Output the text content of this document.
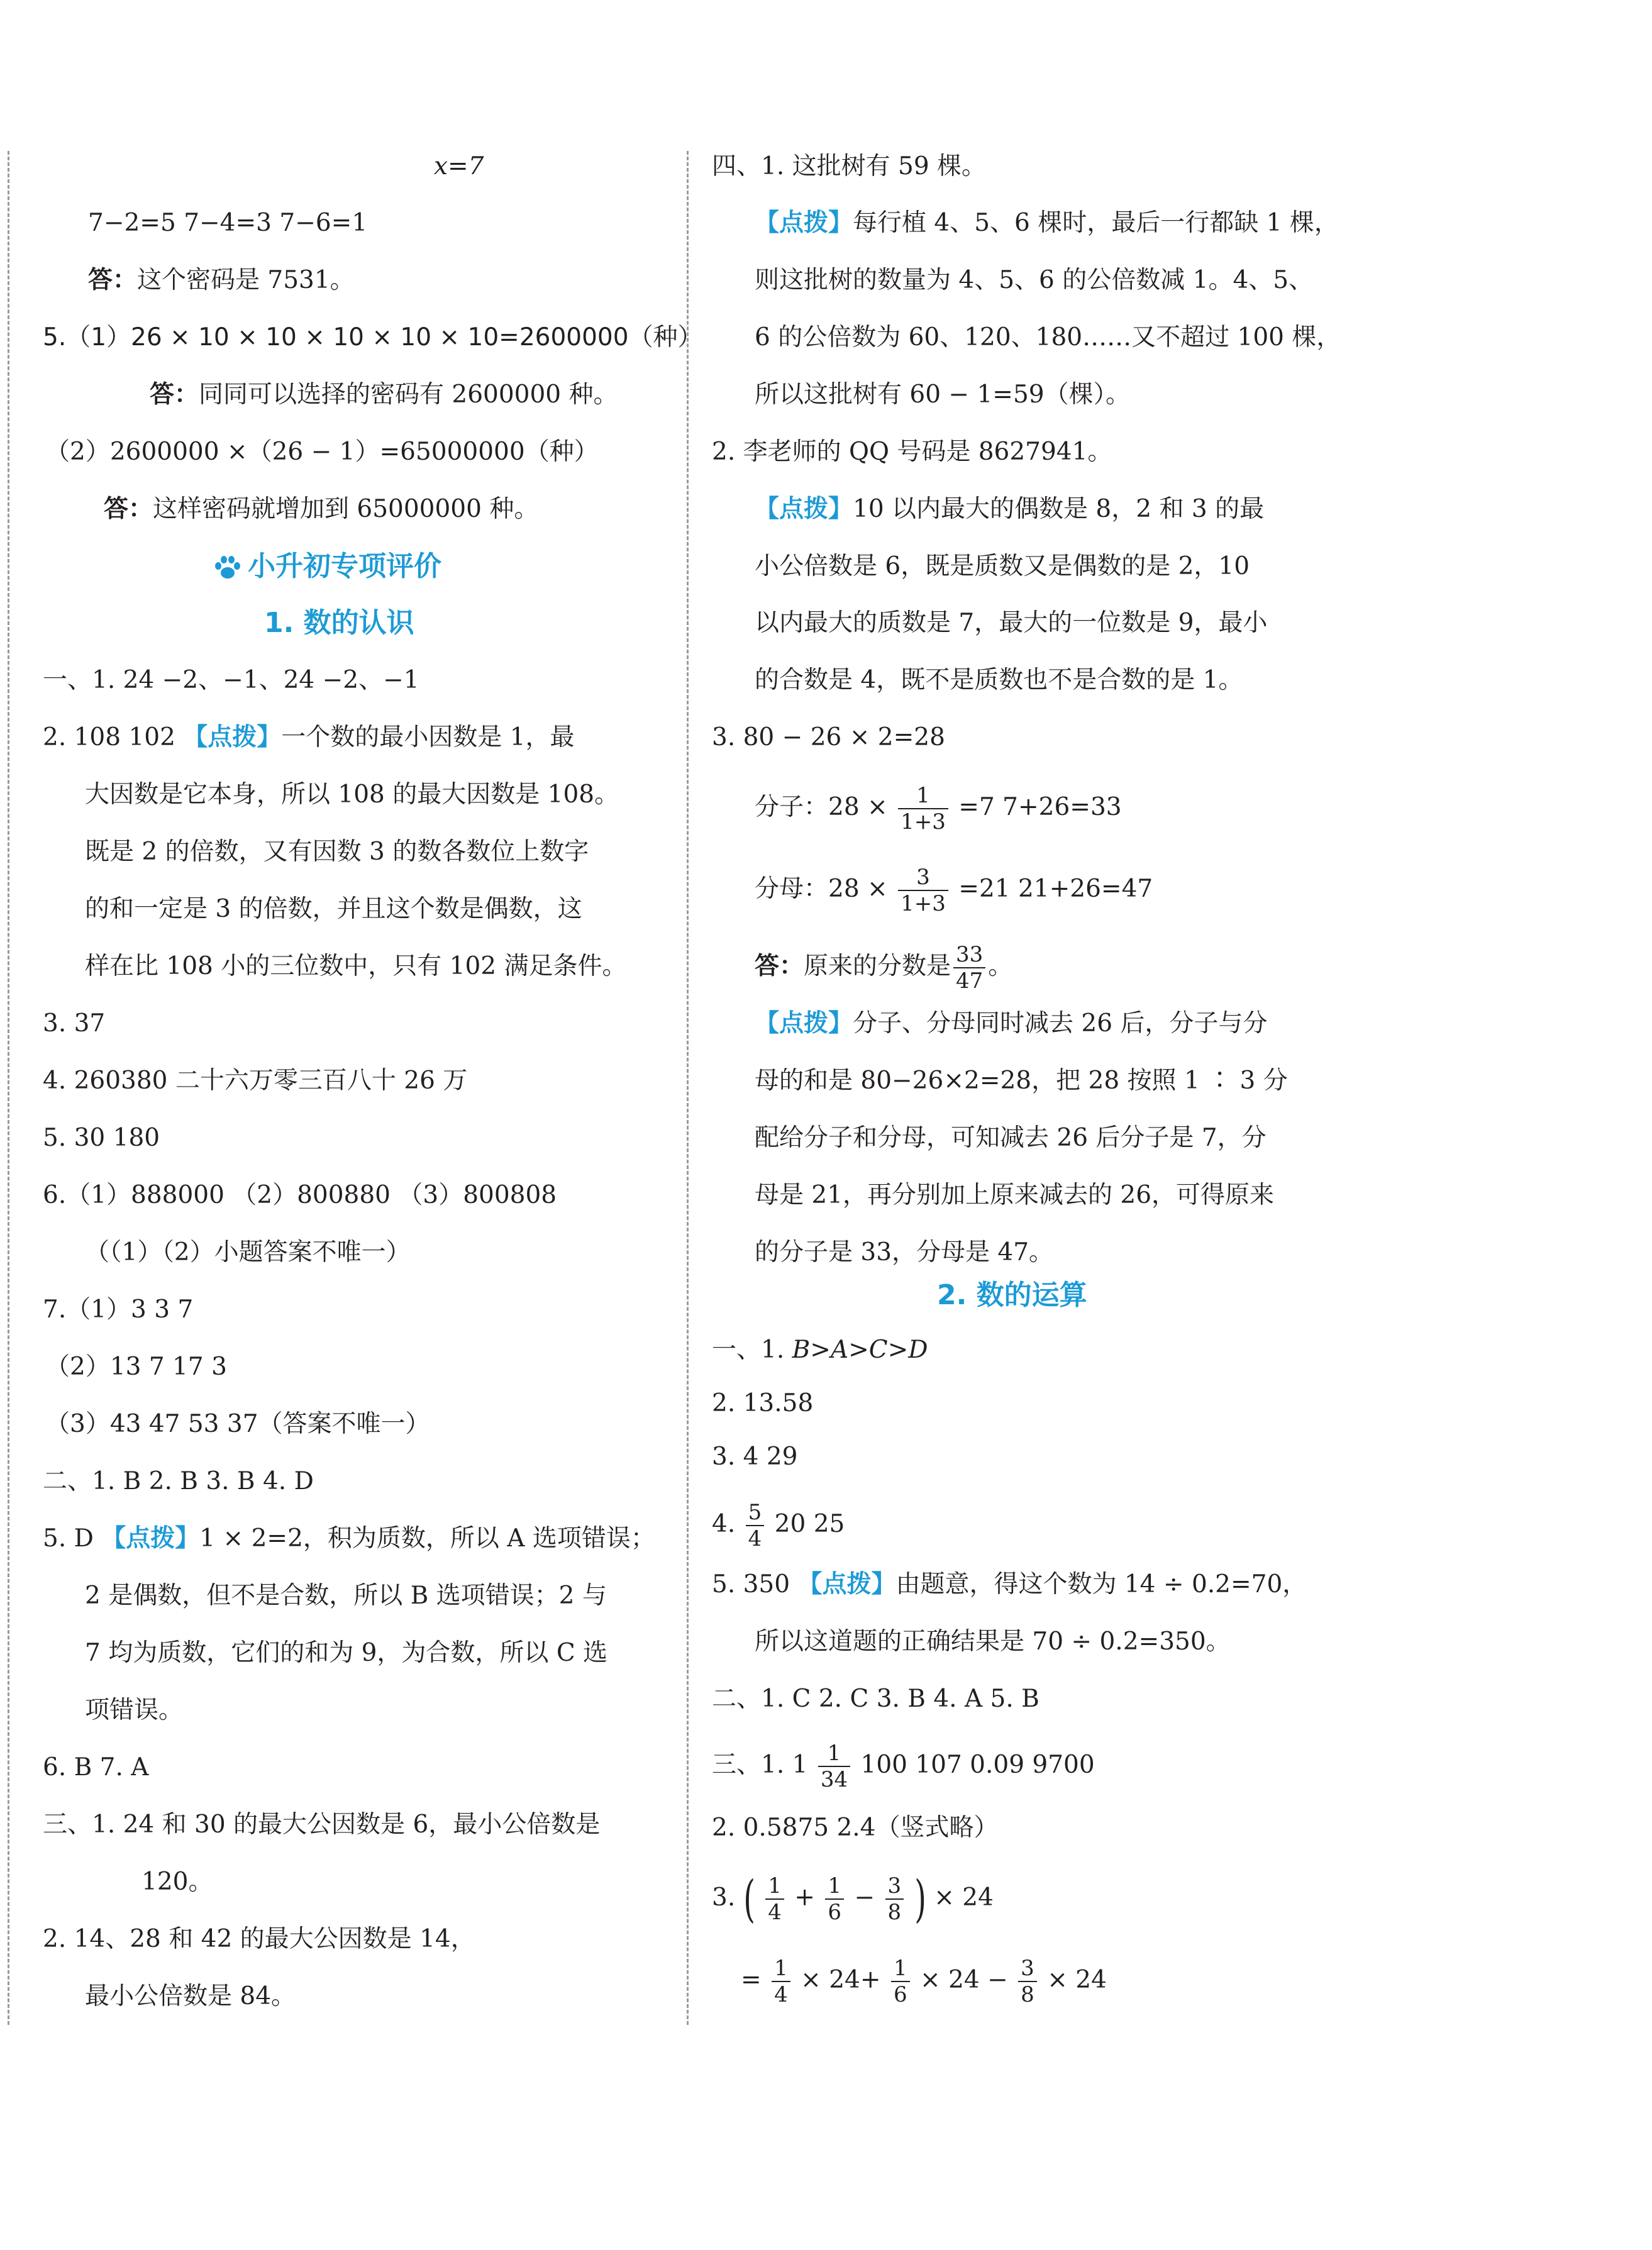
x=7
7−2=5 7−4=3 7−6=1
答：这个密码是 7531。
5.（1）26 × 10 × 10 × 10 × 10 × 10=2600000（种）
答：同同可以选择的密码有 2600000 种。
（2）2600000 ×（26 − 1）=65000000（种）
答：这样密码就增加到 65000000 种。
小升初专项评价
1. 数的认识
一、1. 24 −2、−1、24 −2、−1
2. 108 102 【点拨】一个数的最小因数是 1，最
大因数是它本身，所以 108 的最大因数是 108。
既是 2 的倍数，又有因数 3 的数各数位上数字
的和一定是 3 的倍数，并且这个数是偶数，这
样在比 108 小的三位数中，只有 102 满足条件。
3. 37
4. 260380 二十六万零三百八十 26 万
5. 30 180
6.（1）888000 （2）800880 （3）800808
（（1）（2）小题答案不唯一）
7.（1）3 3 7
（2）13 7 17 3
（3）43 47 53 37（答案不唯一）
二、1. B 2. B 3. B 4. D
5. D 【点拨】1 × 2=2，积为质数，所以 A 选项错误；
2 是偶数，但不是合数，所以 B 选项错误；2 与
7 均为质数，它们的和为 9，为合数，所以 C 选
项错误。
6. B 7. A
三、1. 24 和 30 的最大公因数是 6，最小公倍数是
120。
2. 14、28 和 42 的最大公因数是 14，
最小公倍数是 84。
四、1. 这批树有 59 棵。
【点拨】每行植 4、5、6 棵时，最后一行都缺 1 棵，
则这批树的数量为 4、5、6 的公倍数减 1。4、5、
6 的公倍数为 60、120、180……又不超过 100 棵，
所以这批树有 60 − 1=59（棵）。
2. 李老师的 QQ 号码是 8627941。
【点拨】10 以内最大的偶数是 8，2 和 3 的最
小公倍数是 6，既是质数又是偶数的是 2，10
以内最大的质数是 7，最大的一位数是 9，最小
的合数是 4，既不是质数也不是合数的是 1。
3. 80 − 26 × 2=28
分子：$28 \times \frac{1}{1+3} =7$ 7+26=33
分母：$28 \times \frac{3}{1+3} =21$ 21+26=47
答：原来的分数是 $\frac{33}{47}$ 。
【点拨】分子、分母同时减去 26 后，分子与分
母的和是 80−26×2=28，把 28 按照 1 ∶ 3 分
配给分子和分母，可知减去 26 后分子是 7，分
母是 21，再分别加上原来减去的 26，可得原来
的分子是 33，分母是 47。
2. 数的运算
一、1. B>A>C>D
2. 13.58
3. 4 29
4. $\frac{5}{4} 20$ 25
5. 350 【点拨】由题意，得这个数为 14 ÷ 0.2=70，
所以这道题的正确结果是 70 ÷ 0.2=350。
二、1. C 2. C 3. B 4. A 5. B
三、1. $1 \frac{1}{34} 100$ 107 0.09 9700
2. 0.5875 2.4（竖式略）
3. ( $\frac{1}{4} + \frac{1}{6} - \frac{3}{8}$ ) × 24
= $\frac{1}{4} \times 24+ \frac{1}{6} \times 24 - \frac{3}{8} \times 24$
